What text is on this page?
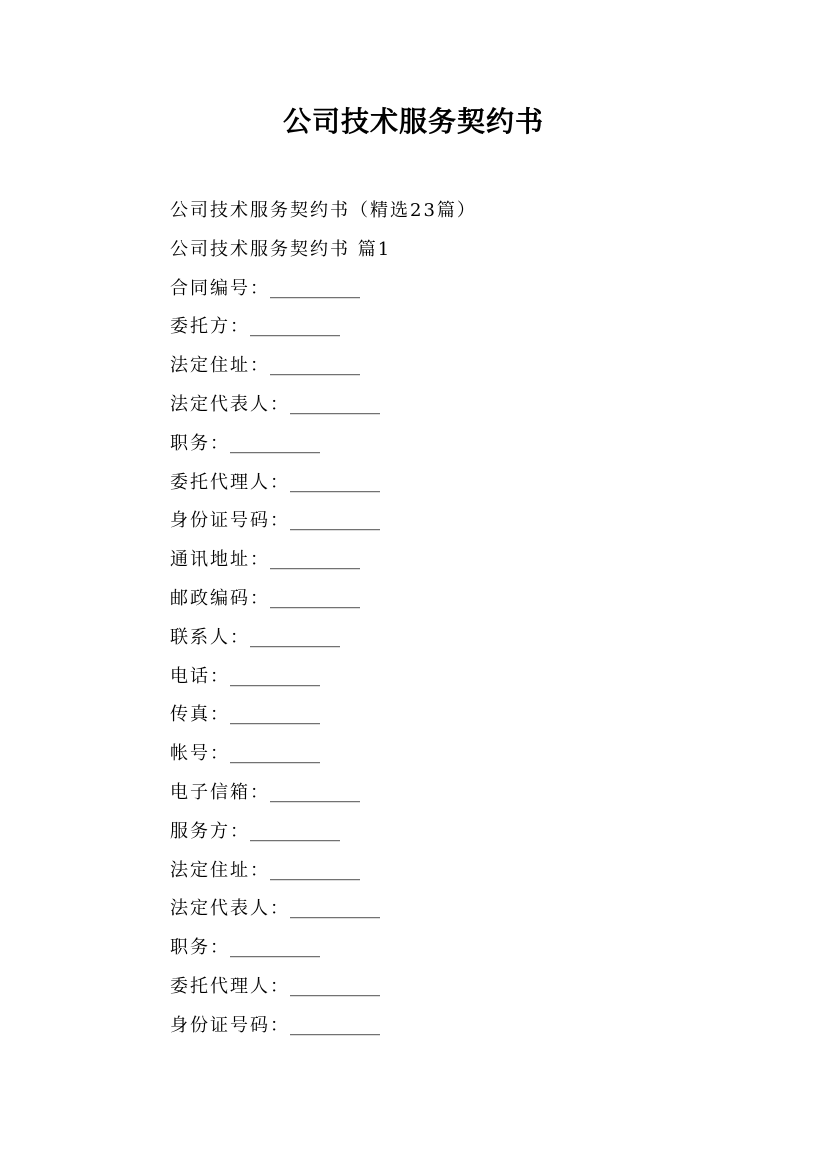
公司技术服务契约书
公司技术服务契约书（精选23篇）
公司技术服务契约书 篇1
合同编号：__________
委托方：__________
法定住址：__________
法定代表人：__________
职务：__________
委托代理人：__________
身份证号码：__________
通讯地址：__________
邮政编码：__________
联系人：__________
电话：__________
传真：__________
帐号：__________
电子信箱：__________
服务方：__________
法定住址：__________
法定代表人：__________
职务：__________
委托代理人：__________
身份证号码：__________
